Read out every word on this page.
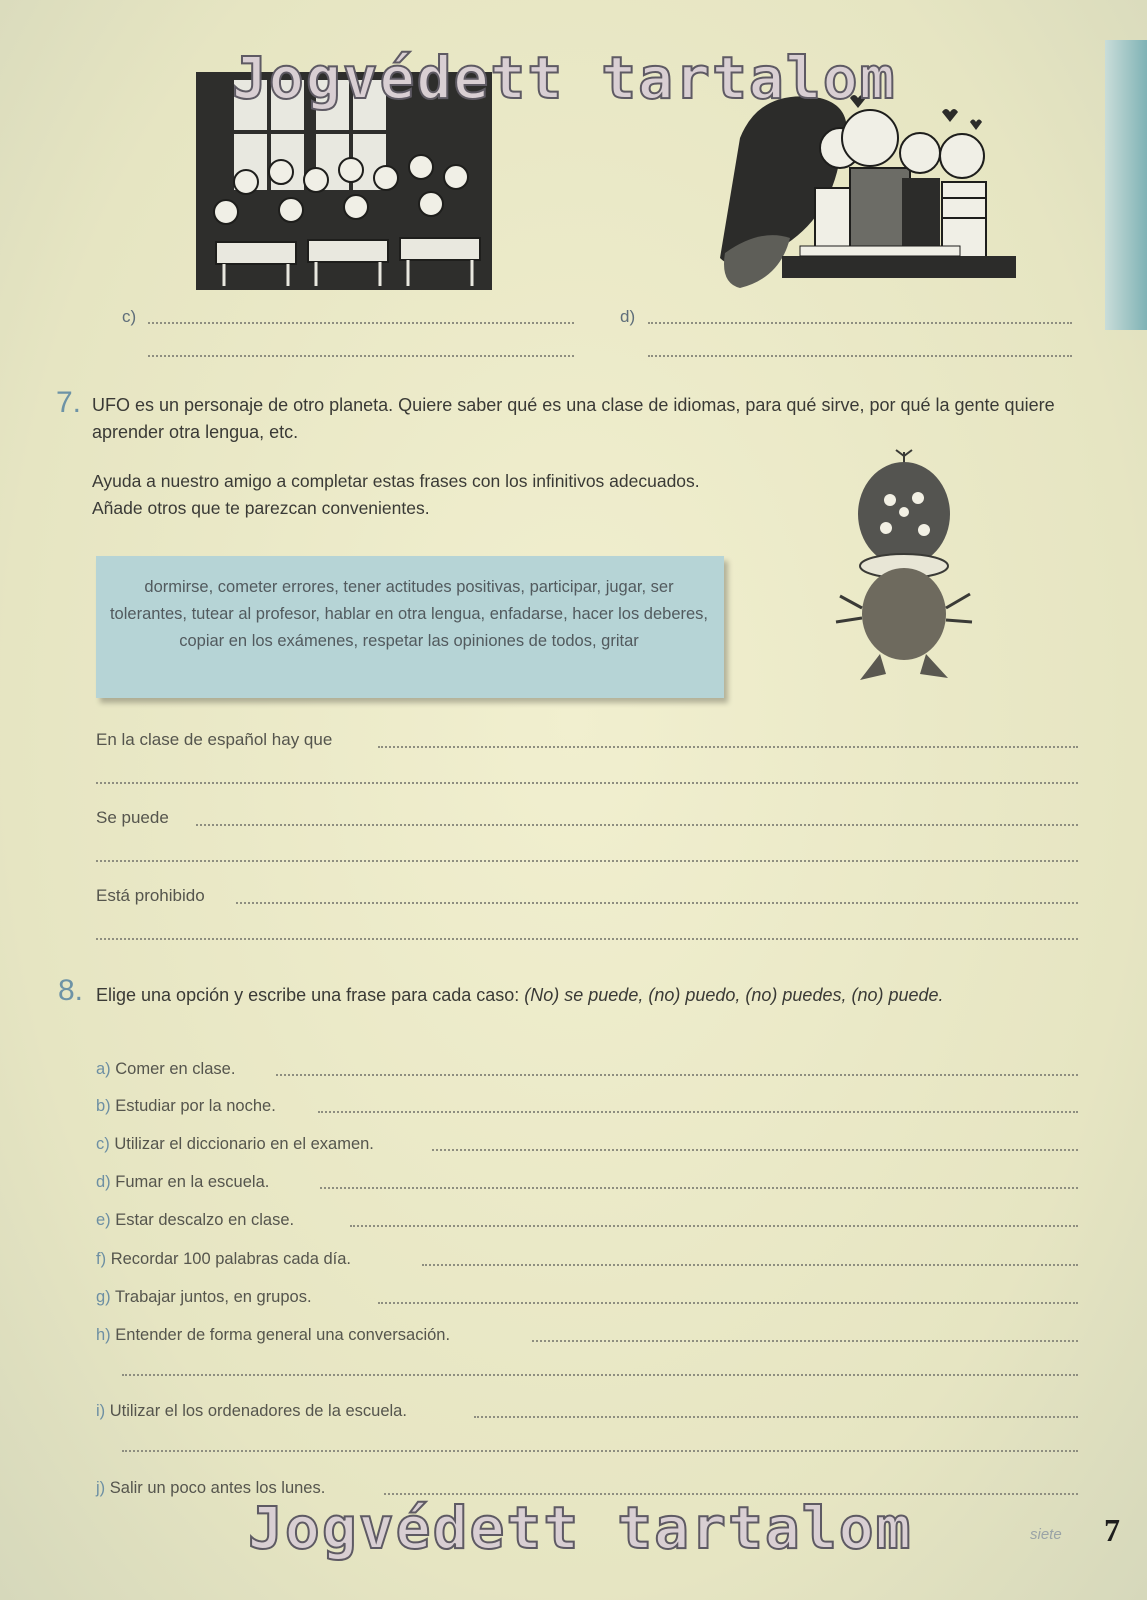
Jogvédett tartalom
c)	d)
7. UFO es un personaje de otro planeta. Quiere saber qué es una clase de idiomas, para qué sirve, por qué la gente quiere aprender otra lengua, etc.
Ayuda a nuestro amigo a completar estas frases con los infinitivos adecuados. Añade otros que te parezcan convenientes.
dormirse, cometer errores, tener actitudes positivas, participar, jugar, ser tolerantes, tutear al profesor, hablar en otra lengua, enfadarse, hacer los deberes, copiar en los exámenes, respetar las opiniones de todos, gritar
En la clase de español hay que
Se puede
Está prohibido
8. Elige una opción y escribe una frase para cada caso: (No) se puede, (no) puedo, (no) puedes, (no) puede.
a) Comer en clase.
b) Estudiar por la noche.
c) Utilizar el diccionario en el examen.
d) Fumar en la escuela.
e) Estar descalzo en clase.
f) Recordar 100 palabras cada día.
g) Trabajar juntos, en grupos.
h) Entender de forma general una conversación.
i) Utilizar el los ordenadores de la escuela.
j) Salir un poco antes los lunes.
Jogvédett tartalom	siete 7
